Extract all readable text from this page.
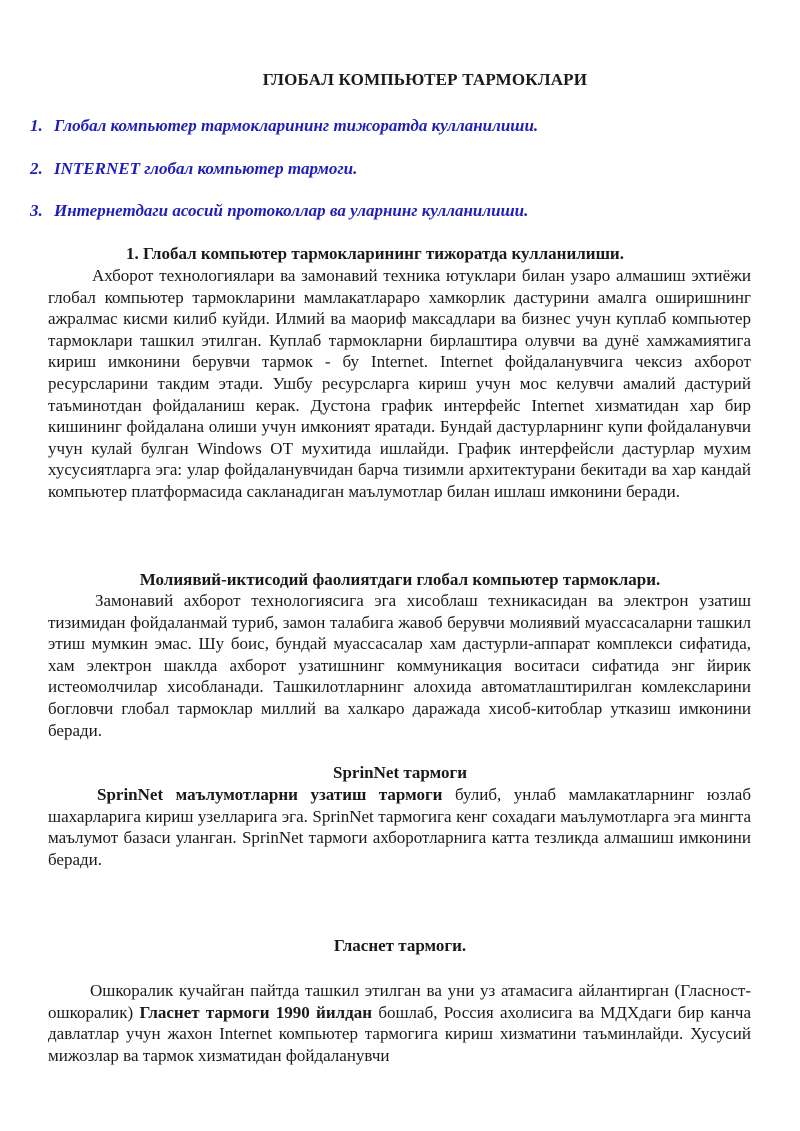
ГЛОБАЛ КОМПЬЮТЕР ТАРМОКЛАРИ
1. Глобал компьютер тармокларининг тижоратда кулланилиши.
2. INTERNET глобал компьютер тармоги.
3. Интернетдаги асосий протоколлар ва уларнинг кулланилиши.
1. Глобал компьютер тармокларининг тижоратда кулланилиши.
Ахборот технологиялари ва замонавий техника ютуклари билан узаро алмашиш эхтиёжи глобал компьютер тармокларини мамлакатлараро хамкорлик дастурини амалга оширишнинг ажралмас кисми килиб куйди. Илмий ва маориф максадлари ва бизнес учун куплаб компьютер тармоклари ташкил этилган. Куплаб тармокларни бирлаштира олувчи ва дунё хамжамиятига кириш имконини берувчи тармок - бу Internet. Internet фойдаланувчига чексиз ахборот ресурсларини такдим этади. Ушбу ресурсларга кириш учун мос келувчи амалий дастурий таъминотдан фойдаланиш керак. Дустона график интерфейс Internet хизматидан хар бир кишининг фойдалана олиши учун имконият яратади. Бундай дастурларнинг купи фойдаланувчи учун кулай булган Windows ОТ мухитида ишлайди. График интерфейсли дастурлар мухим хусусиятларга эга: улар фойдаланувчидан барча тизимли архитектурани бекитади ва хар кандай компьютер платформасида сакланадиган маълумотлар билан ишлаш имконини беради.
Молиявий-иктисодий фаолиятдаги глобал компьютер тармоклари.
Замонавий ахборот технологиясига эга хисоблаш техникасидан ва электрон узатиш тизимидан фойдаланмай туриб, замон талабига жавоб берувчи молиявий муассасаларни ташкил этиш мумкин эмас. Шу боис, бундай муассасалар хам дастурли-аппарат комплекси сифатида, хам электрон шаклда ахборот узатишнинг коммуникация воситаси сифатида энг йирик истеомолчилар хисобланади. Ташкилотларнинг алохида автоматлаштирилган комлексларини богловчи глобал тармоклар миллий ва халкаро даражада хисоб-китоблар утказиш имконини беради.
SprinNet тармоги
SprinNet маълумотларни узатиш тармоги булиб, унлаб мамлакатларнинг юзлаб шахарларига кириш узелларига эга. SprinNet тармогига кенг сохадаги маълумотларга эга мингта маълумот базаси уланган. SprinNet тармоги ахборотларнига катта тезликда алмашиш имконини беради.
Гласнет тармоги.
Ошкоралик кучайган пайтда ташкил этилган ва уни уз атамасига айлантирган (Гласност-ошкоралик) Гласнет тармоги 1990 йилдан бошлаб, Россия ахолисига ва МДХдаги бир канча давлатлар учун жахон Internet компьютер тармогига кириш хизматини таъминлайди. Хусусий мижозлар ва тармок хизматидан фойдаланувчи
